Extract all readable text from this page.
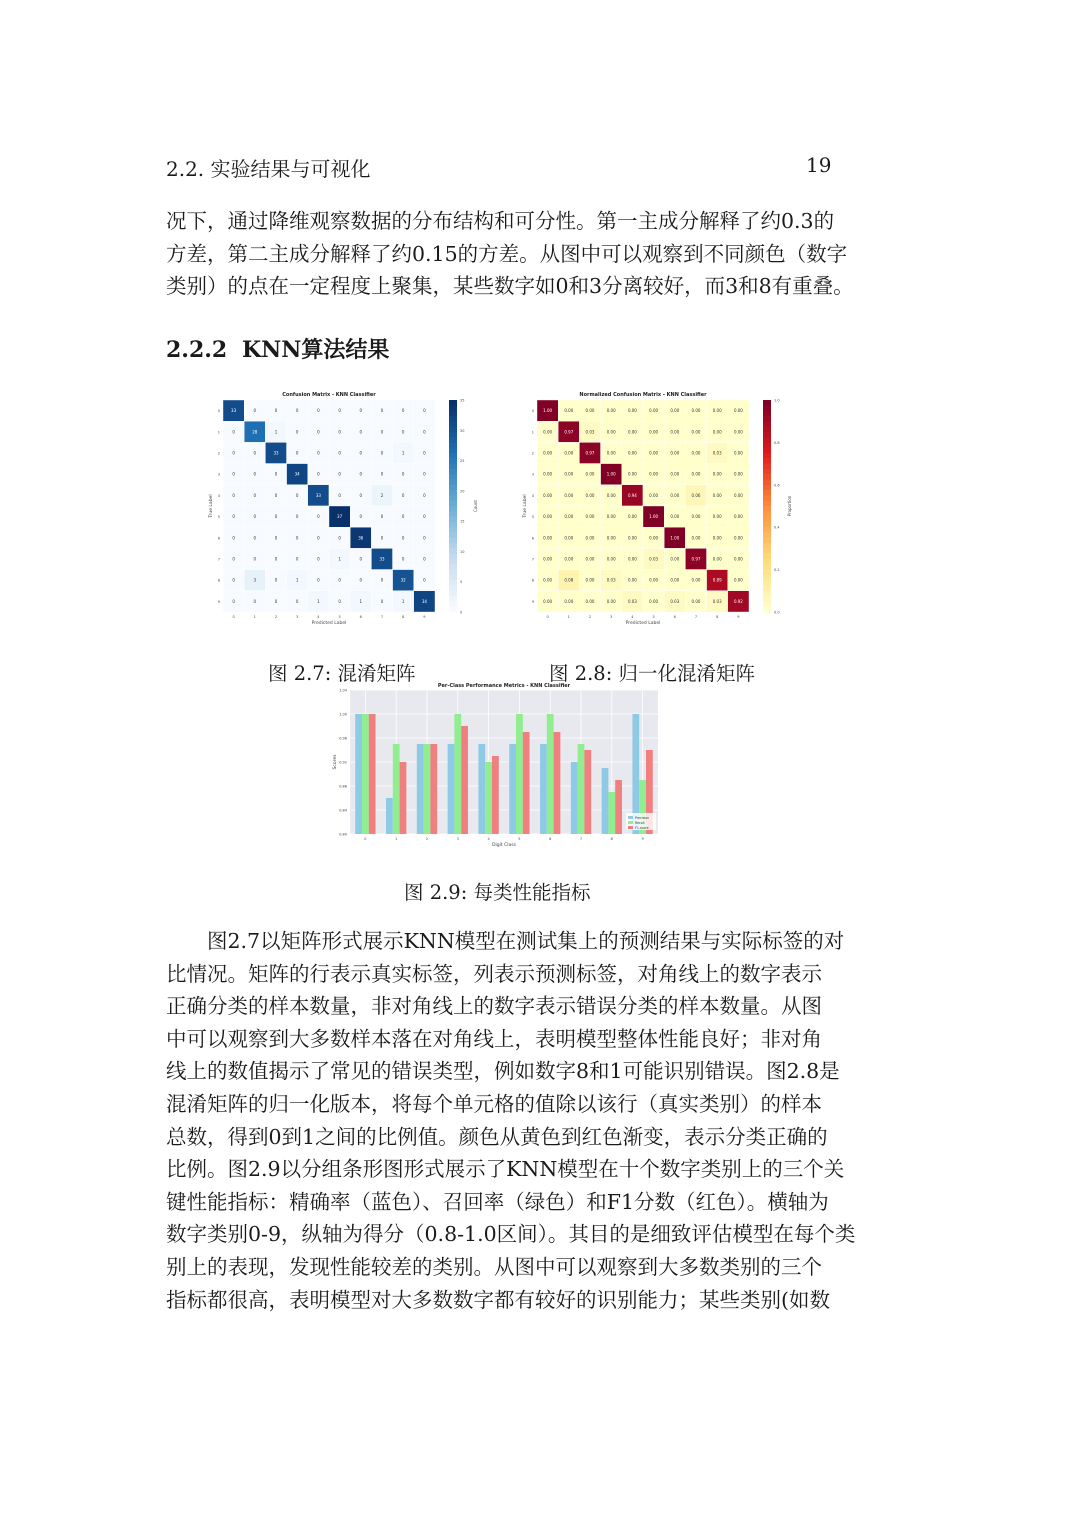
2.2. 实验结果与可视化	19
况下，通过降维观察数据的分布结构和可分性。第一主成分解释了约0.3的
方差，第二主成分解释了约0.15的方差。从图中可以观察到不同颜色（数字
类别）的点在一定程度上聚集，某些数字如0和3分离较好，而3和8有重叠。
2.2.2 KNN算法结果
Confusion Matrix - KNN Classifier
33	0	0	0	0	0	0	0	0	0
0
0	28	1	0	0	0	0	0	0	0
1
0	0	33	0	0	0	0	0	1	0
2
0	0	0	34	0	0	0	0	0	0
3
0	0	0	0	33	0	0	2	0	0
4
0	0	0	0	0	37	0	0	0	0
5
0	0	0	0	0	0	36	0	0	0
6
0	0	0	0	0	1	0	33	0	0
7
0	3	0	1	0	0	0	0	32	0
8
0	0	0	0	1	0	1	0	1	34
9
0	1	2	3	4	5	6	7	8	9
Predicted Label
True Label
35
30
25
20
15
10
5
0
Count
Normalized Confusion Matrix - KNN Classifier
1.00	0.00	0.00	0.00	0.00	0.00	0.00	0.00	0.00	0.00
0
0.00	0.97	0.03	0.00	0.00	0.00	0.00	0.00	0.00	0.00
1
0.00	0.00	0.97	0.00	0.00	0.00	0.00	0.00	0.03	0.00
2
0.00	0.00	0.00	1.00	0.00	0.00	0.00	0.00	0.00	0.00
3
0.00	0.00	0.00	0.00	0.94	0.00	0.00	0.06	0.00	0.00
4
0.00	0.00	0.00	0.00	0.00	1.00	0.00	0.00	0.00	0.00
5
0.00	0.00	0.00	0.00	0.00	0.00	1.00	0.00	0.00	0.00
6
0.00	0.00	0.00	0.00	0.00	0.03	0.00	0.97	0.00	0.00
7
0.00	0.08	0.00	0.03	0.00	0.00	0.00	0.00	0.89	0.00
8
0.00	0.00	0.00	0.00	0.03	0.00	0.03	0.00	0.03	0.92
9
0	1	2	3	4	5	6	7	8	9
Predicted Label
True Label
1.0
0.8
0.6
0.4
0.2
0.0
Proportion
图 2.7: 混淆矩阵	图 2.8: 归一化混淆矩阵
Per-Class Performance Metrics - KNN Classifier
0.80
0.84
0.88
0.92
0.96
1.00
1.04
0	1	2	3	4	5	6	7	8	9
Digit Class
Scores
Precision
Recall
F1-score
图 2.9: 每类性能指标
图2.7以矩阵形式展示KNN模型在测试集上的预测结果与实际标签的对
比情况。矩阵的行表示真实标签，列表示预测标签，对角线上的数字表示
正确分类的样本数量，非对角线上的数字表示错误分类的样本数量。从图
中可以观察到大多数样本落在对角线上，表明模型整体性能良好；非对角
线上的数值揭示了常见的错误类型，例如数字8和1可能识别错误。图2.8是
混淆矩阵的归一化版本，将每个单元格的值除以该行（真实类别）的样本
总数，得到0到1之间的比例值。颜色从黄色到红色渐变，表示分类正确的
比例。图2.9以分组条形图形式展示了KNN模型在十个数字类别上的三个关
键性能指标：精确率（蓝色）、召回率（绿色）和F1分数（红色）。横轴为
数字类别0-9，纵轴为得分（0.8-1.0区间）。其目的是细致评估模型在每个类
别上的表现，发现性能较差的类别。从图中可以观察到大多数类别的三个
指标都很高，表明模型对大多数数字都有较好的识别能力；某些类别(如数
